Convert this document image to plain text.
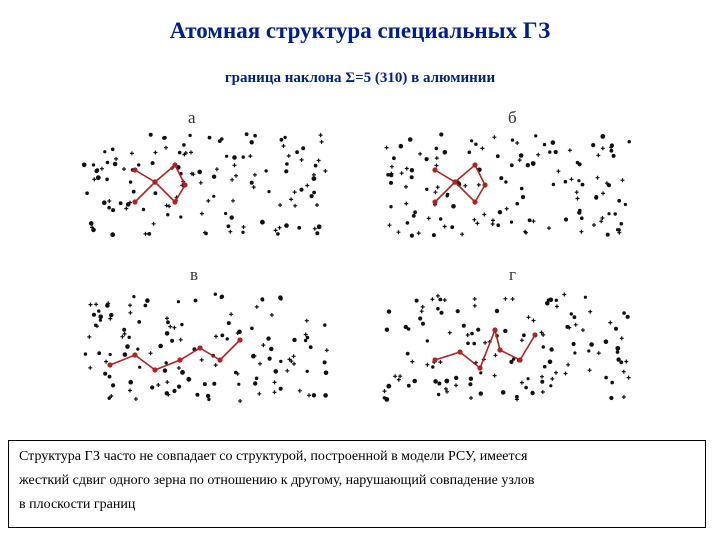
Атомная структура специальных ГЗ
граница наклона Σ=5 (310) в алюминии
а	б
в	г
Структура ГЗ часто не совпадает со структурой, построенной в модели РСУ, имеется
жесткий сдвиг одного зерна по отношению к другому, нарушающий совпадение узлов
в плоскости границ
